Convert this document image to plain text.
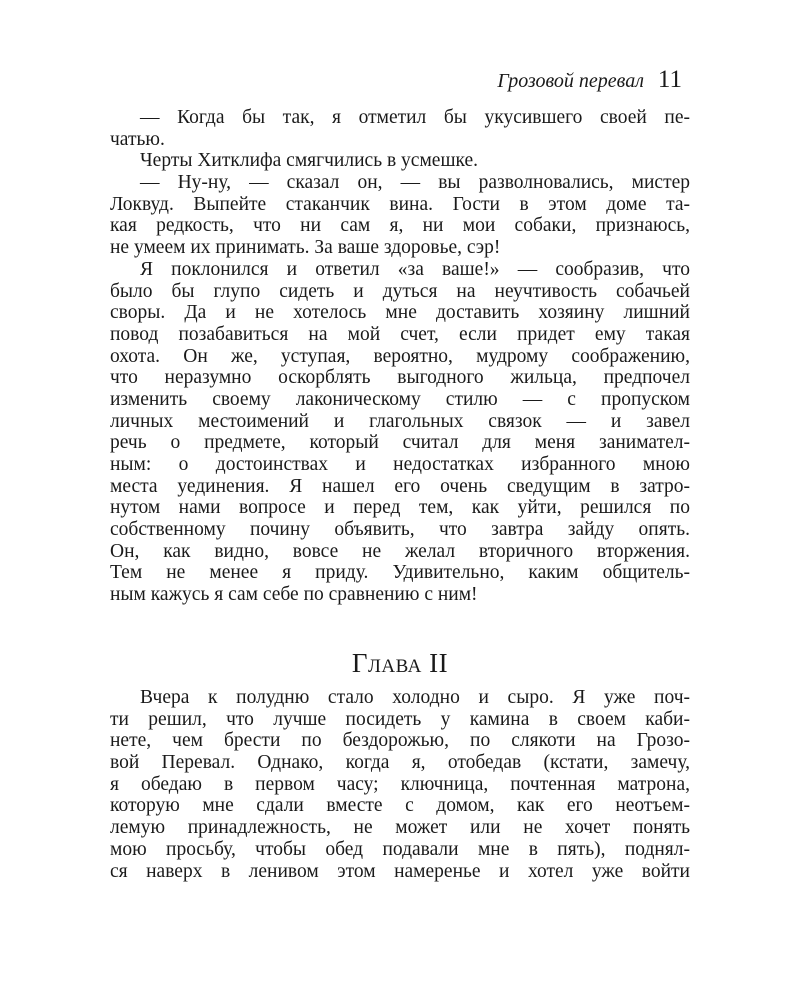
Грозовой перевал 11
— Когда бы так, я отметил бы укусившего своей пе-
чатью.
Черты Хитклифа смягчились в усмешке.
— Ну-ну, — сказал он, — вы разволновались, мистер
Локвуд. Выпейте стаканчик вина. Гости в этом доме та-
кая редкость, что ни сам я, ни мои собаки, признаюсь,
не умеем их принимать. За ваше здоровье, сэр!
Я поклонился и ответил «за ваше!» — сообразив, что
было бы глупо сидеть и дуться на неучтивость собачьей
своры. Да и не хотелось мне доставить хозяину лишний
повод позабавиться на мой счет, если придет ему такая
охота. Он же, уступая, вероятно, мудрому соображению,
что неразумно оскорблять выгодного жильца, предпочел
изменить своему лаконическому стилю — с пропуском
личных местоимений и глагольных связок — и завел
речь о предмете, который считал для меня занимател-
ным: о достоинствах и недостатках избранного мною
места уединения. Я нашел его очень сведущим в затро-
нутом нами вопросе и перед тем, как уйти, решился по
собственному почину объявить, что завтра зайду опять.
Он, как видно, вовсе не желал вторичного вторжения.
Тем не менее я приду. Удивительно, каким общитель-
ным кажусь я сам себе по сравнению с ним!
Глава II
Вчера к полудню стало холодно и сыро. Я уже поч-
ти решил, что лучше посидеть у камина в своем каби-
нете, чем брести по бездорожью, по слякоти на Грозо-
вой Перевал. Однако, когда я, отобедав (кстати, замечу,
я обедаю в первом часу; ключница, почтенная матрона,
которую мне сдали вместе с домом, как его неотъем-
лемую принадлежность, не может или не хочет понять
мою просьбу, чтобы обед подавали мне в пять), поднял-
ся наверх в ленивом этом намеренье и хотел уже войти
